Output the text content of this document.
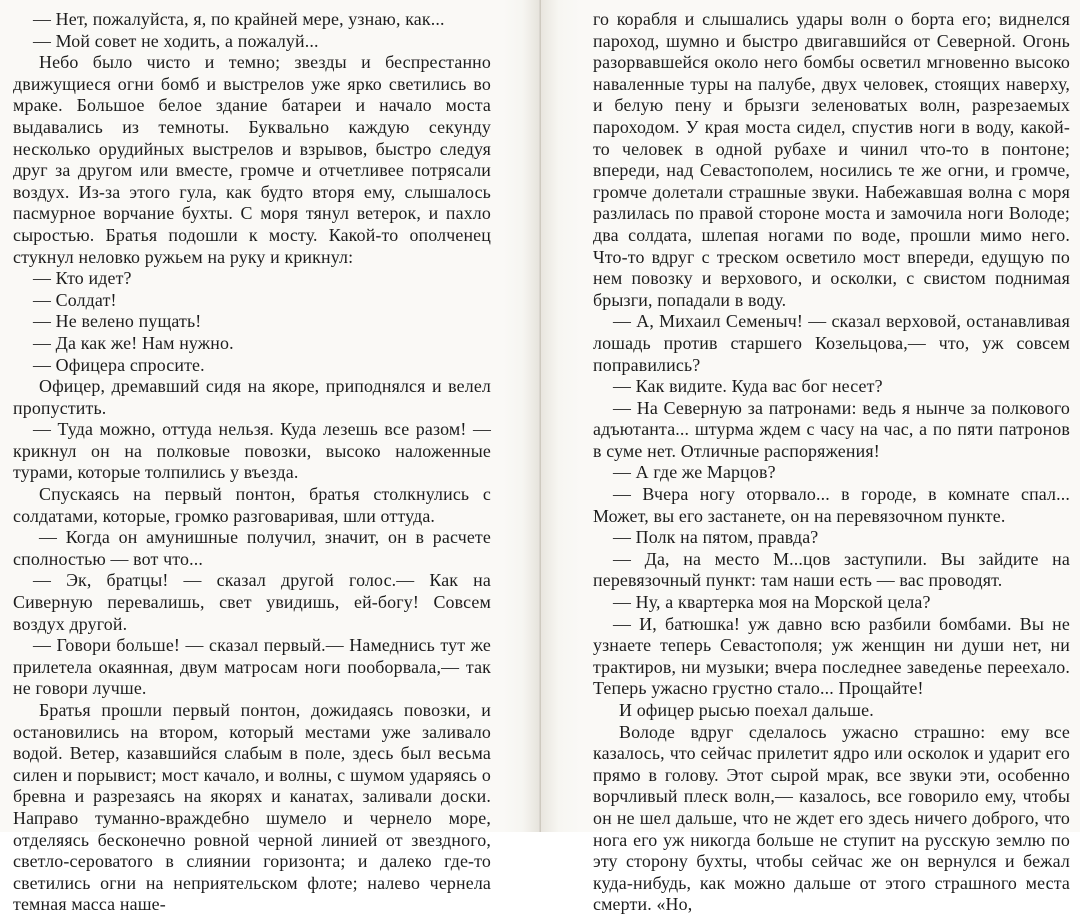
— Нет, пожалуйста, я, по крайней мере, узнаю, как...

— Мой совет не ходить, а пожалуй...

Небо было чисто и темно; звезды и беспрестанно движущиеся огни бомб и выстрелов уже ярко светились во мраке. Большое белое здание батареи и начало моста выдавались из темноты. Буквально каждую секунду несколько орудийных выстрелов и взрывов, быстро следуя друг за другом или вместе, громче и отчетливее потрясали воздух. Из-за этого гула, как будто вторя ему, слышалось пасмурное ворчание бухты. С моря тянул ветерок, и пахло сыростью. Братья подошли к мосту. Какой-то ополченец стукнул неловко ружьем на руку и крикнул:

— Кто идет?

— Солдат!

— Не велено пущать!

— Да как же! Нам нужно.

— Офицера спросите.

Офицер, дремавший сидя на якоре, приподнялся и велел пропустить.

— Туда можно, оттуда нельзя. Куда лезешь все разом! — крикнул он на полковые повозки, высоко наложенные турами, которые толпились у въезда.

Спускаясь на первый понтон, братья столкнулись с солдатами, которые, громко разговаривая, шли оттуда.

— Когда он амунишные получил, значит, он в расчете сполностью — вот что...

— Эк, братцы! — сказал другой голос.— Как на Сиверную перевалишь, свет увидишь, ей-богу! Совсем воздух другой.

— Говори больше! — сказал первый.— Намеднись тут же прилетела окаянная, двум матросам ноги пооборвала,— так не говори лучше.

Братья прошли первый понтон, дожидаясь повозки, и остановились на втором, который местами уже заливало водой. Ветер, казавшийся слабым в поле, здесь был весьма силен и порывист; мост качало, и волны, с шумом ударяясь о бревна и разрезаясь на якорях и канатах, заливали доски. Направо туманно-враждебно шумело и чернело море, отделяясь бесконечно ровной черной линией от звездного, светло-сероватого в слиянии горизонта; и далеко где-то светились огни на неприятельском флоте; налево чернела темная масса наше-

го корабля и слышались удары волн о борта его; виднелся пароход, шумно и быстро двигавшийся от Северной. Огонь разорвавшейся около него бомбы осветил мгновенно высоко наваленные туры на палубе, двух человек, стоящих наверху, и белую пену и брызги зеленоватых волн, разрезаемых пароходом. У края моста сидел, спустив ноги в воду, какой-то человек в одной рубахе и чинил что-то в понтоне; впереди, над Севастополем, носились те же огни, и громче, громче долетали страшные звуки. Набежавшая волна с моря разлилась по правой стороне моста и замочила ноги Володе; два солдата, шлепая ногами по воде, прошли мимо него. Что-то вдруг с треском осветило мост впереди, едущую по нем повозку и верхового, и осколки, с свистом поднимая брызги, попадали в воду.

— А, Михаил Семеныч! — сказал верховой, останавливая лошадь против старшего Козельцова,— что, уж совсем поправились?

— Как видите. Куда вас бог несет?

— На Северную за патронами: ведь я нынче за полкового адъютанта... штурма ждем с часу на час, а по пяти патронов в суме нет. Отличные распоряжения!

— А где же Марцов?

— Вчера ногу оторвало... в городе, в комнате спал... Может, вы его застанете, он на перевязочном пункте.

— Полк на пятом, правда?

— Да, на место М...цов заступили. Вы зайдите на перевязочный пункт: там наши есть — вас проводят.

— Ну, а квартерка моя на Морской цела?

— И, батюшка! уж давно всю разбили бомбами. Вы не узнаете теперь Севастополя; уж женщин ни души нет, ни трактиров, ни музыки; вчера последнее заведенье переехало. Теперь ужасно грустно стало... Прощайте!

И офицер рысью поехал дальше.

Володе вдруг сделалось ужасно страшно: ему все казалось, что сейчас прилетит ядро или осколок и ударит его прямо в голову. Этот сырой мрак, все звуки эти, особенно ворчливый плеск волн,— казалось, все говорило ему, чтобы он не шел дальше, что не ждет его здесь ничего доброго, что нога его уж никогда больше не ступит на русскую землю по эту сторону бухты, чтобы сейчас же он вернулся и бежал куда-нибудь, как можно дальше от этого страшного места смерти. «Но,
